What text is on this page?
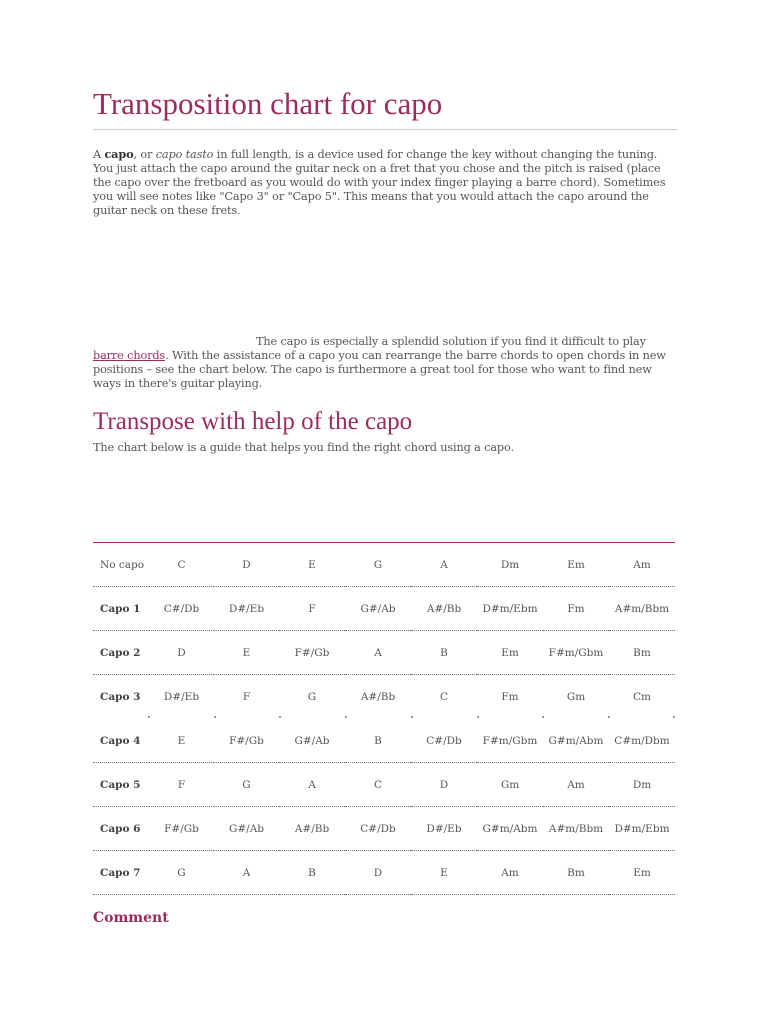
Transposition chart for capo

A capo, or capo tasto in full length, is a device used for change the key without changing the tuning. You just attach the capo around the guitar neck on a fret that you chose and the pitch is raised (place the capo over the fretboard as you would do with your index finger playing a barre chord). Sometimes you will see notes like "Capo 3" or "Capo 5". This means that you would attach the capo around the guitar neck on these frets.

The capo is especially a splendid solution if you find it difficult to play barre chords. With the assistance of a capo you can rearrange the barre chords to open chords in new positions – see the chart below. The capo is furthermore a great tool for those who want to find new ways in there's guitar playing.

Transpose with help of the capo

The chart below is a guide that helps you find the right chord using a capo.

No capo	C	D	E	G	A	Dm	Em	Am
Capo 1	C#/Db	D#/Eb	F	G#/Ab	A#/Bb	D#m/Ebm	Fm	A#m/Bbm
Capo 2	D	E	F#/Gb	A	B	Em	F#m/Gbm	Bm
Capo 3	D#/Eb	F	G	A#/Bb	C	Fm	Gm	Cm
Capo 4	E	F#/Gb	G#/Ab	B	C#/Db	F#m/Gbm	G#m/Abm	C#m/Dbm
Capo 5	F	G	A	C	D	Gm	Am	Dm
Capo 6	F#/Gb	G#/Ab	A#/Bb	C#/Db	D#/Eb	G#m/Abm	A#m/Bbm	D#m/Ebm
Capo 7	G	A	B	D	E	Am	Bm	Em
Comment
